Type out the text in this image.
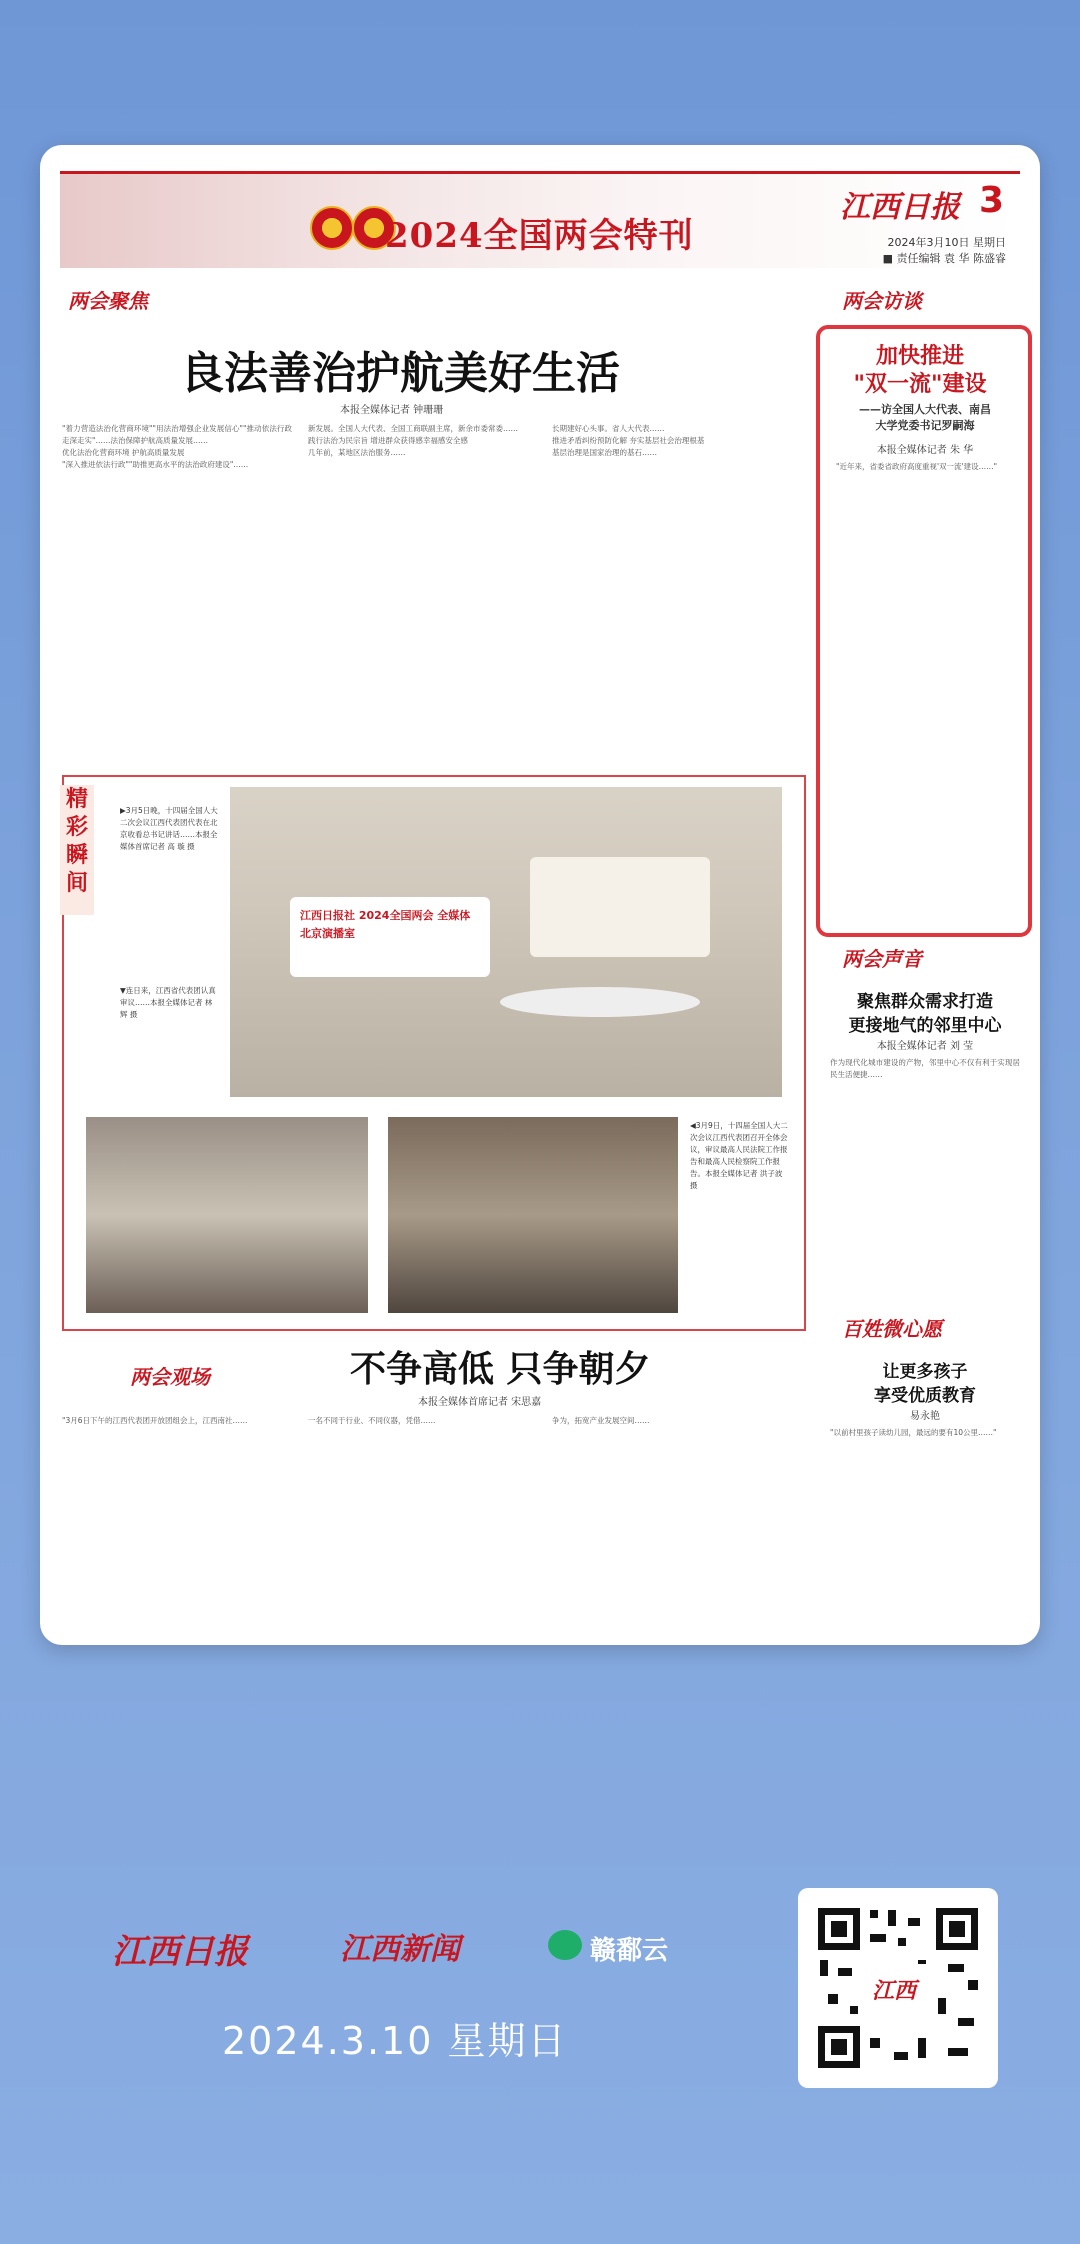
2024全国两会特刊
江西日报 3
2024年3月10日 星期日
■ 责任编辑 袁 华 陈盛睿
两会聚焦
良法善治护航美好生活
本报全媒体记者 钟珊珊
"着力营造法治化营商环境""用法治增强企业发展信心""推动依法行政走深走实"……法治保障护航高质量发展……
优化法治化营商环境 护航高质量发展
"深入推进依法行政""助推更高水平的法治政府建设"……
新发展。全国人大代表、全国工商联副主席，新余市委常委……
践行法治为民宗旨 增进群众获得感幸福感安全感
几年前，某地区法治服务……
长期建好心头事。省人大代表……
推进矛盾纠纷预防化解 夯实基层社会治理根基
基层治理是国家治理的基石……
精彩瞬间
江西日报社 2024全国两会 全媒体北京演播室
▶3月5日晚，十四届全国人大二次会议江西代表团代表在北京收看总书记讲话……本报全媒体首席记者 高 璇 摄
▼连日来，江西省代表团认真审议……本报全媒体记者 林 辉 摄
◀3月9日，十四届全国人大二次会议江西代表团召开全体会议，审议最高人民法院工作报告和最高人民检察院工作报告。本报全媒体记者 洪子波 摄
两会观场	不争高低 只争朝夕
本报全媒体首席记者 宋思嘉
"3月6日下午的江西代表团开放团组会上，江西南社……	一名不同于行业、不同仪器，凭借……	争为，拓宽产业发展空间……
两会访谈
加快推进
"双一流"建设
——访全国人大代表、南昌
大学党委书记罗嗣海
本报全媒体记者 朱 华
"近年来，省委省政府高度重视'双一流'建设……"
两会声音
聚焦群众需求打造
更接地气的邻里中心
本报全媒体记者 刘 莹
作为现代化城市建设的产物，邻里中心不仅有利于实现居民生活便捷……
百姓微心愿
让更多孩子
享受优质教育
易永艳
"以前村里孩子读幼儿园，最远的要有10公里……"
江西日报	江西新闻	赣鄱云
2024.3.10 星期日
江西
